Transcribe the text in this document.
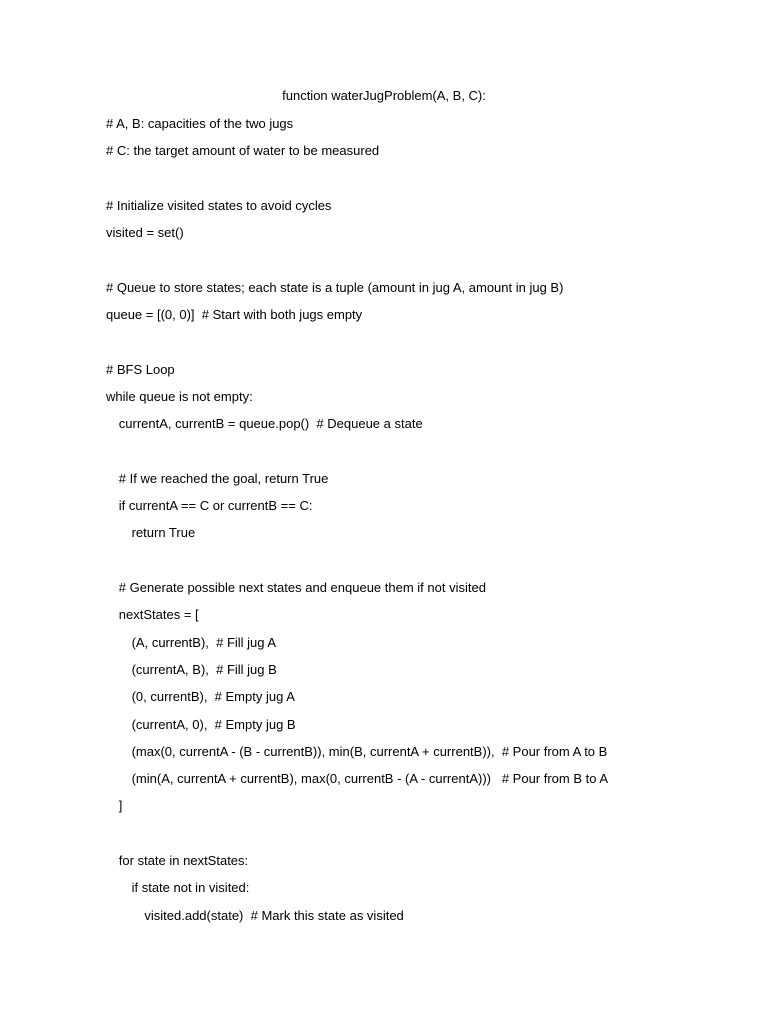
function waterJugProblem(A, B, C):
# A, B: capacities of the two jugs
# C: the target amount of water to be measured
# Initialize visited states to avoid cycles
visited = set()
# Queue to store states; each state is a tuple (amount in jug A, amount in jug B)
queue = [(0, 0)]  # Start with both jugs empty
# BFS Loop
while queue is not empty:
currentA, currentB = queue.pop()  # Dequeue a state
# If we reached the goal, return True
if currentA == C or currentB == C:
return True
# Generate possible next states and enqueue them if not visited
nextStates = [
(A, currentB),  # Fill jug A
(currentA, B),  # Fill jug B
(0, currentB),  # Empty jug A
(currentA, 0),  # Empty jug B
(max(0, currentA - (B - currentB)), min(B, currentA + currentB)),  # Pour from A to B
(min(A, currentA + currentB), max(0, currentB - (A - currentA)))   # Pour from B to A
]
for state in nextStates:
if state not in visited:
visited.add(state)  # Mark this state as visited
